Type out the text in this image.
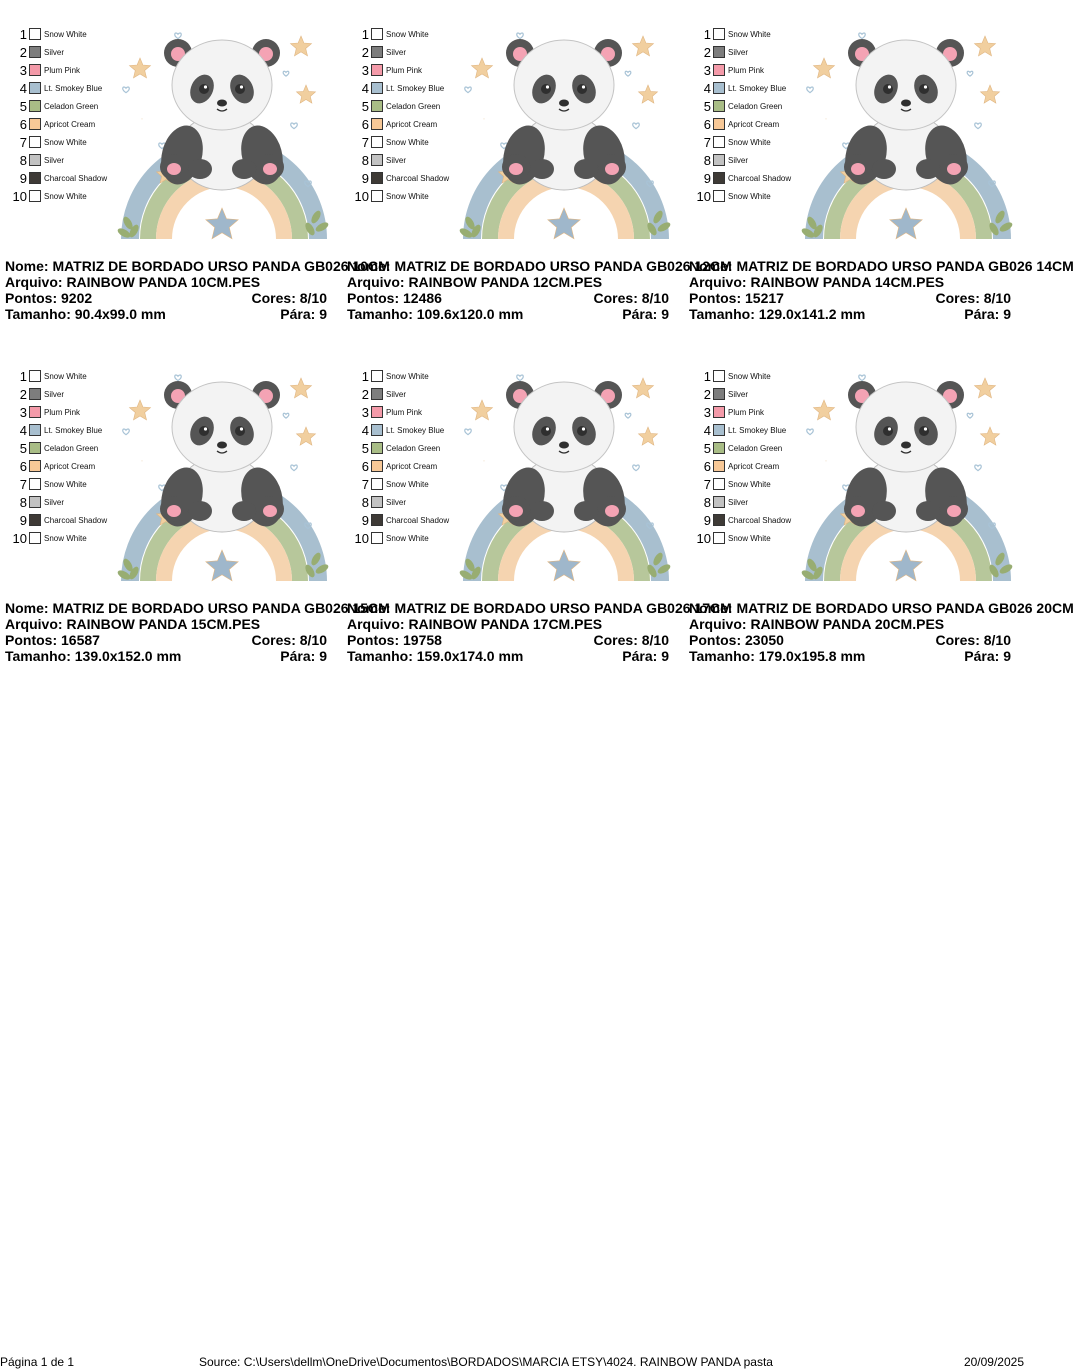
1 Snow White
2 Silver
3 Plum Pink
4 Lt. Smokey Blue
5 Celadon Green
6 Apricot Cream
7 Snow White
8 Silver
9 Charcoal Shadow
10 Snow White
Nome: MATRIZ DE BORDADO URSO PANDA GB026 10CM
Arquivo: RAINBOW PANDA 10CM.PES
Pontos: 9202	Cores: 8/10
Tamanho: 90.4x99.0 mm	Pára: 9
1 Snow White
2 Silver
3 Plum Pink
4 Lt. Smokey Blue
5 Celadon Green
6 Apricot Cream
7 Snow White
8 Silver
9 Charcoal Shadow
10 Snow White
Nome: MATRIZ DE BORDADO URSO PANDA GB026 12CM
Arquivo: RAINBOW PANDA 12CM.PES
Pontos: 12486	Cores: 8/10
Tamanho: 109.6x120.0 mm	Pára: 9
1 Snow White
2 Silver
3 Plum Pink
4 Lt. Smokey Blue
5 Celadon Green
6 Apricot Cream
7 Snow White
8 Silver
9 Charcoal Shadow
10 Snow White
Nome: MATRIZ DE BORDADO URSO PANDA GB026 14CM
Arquivo: RAINBOW PANDA 14CM.PES
Pontos: 15217	Cores: 8/10
Tamanho: 129.0x141.2 mm	Pára: 9
1 Snow White
2 Silver
3 Plum Pink
4 Lt. Smokey Blue
5 Celadon Green
6 Apricot Cream
7 Snow White
8 Silver
9 Charcoal Shadow
10 Snow White
Nome: MATRIZ DE BORDADO URSO PANDA GB026 15CM
Arquivo: RAINBOW PANDA 15CM.PES
Pontos: 16587	Cores: 8/10
Tamanho: 139.0x152.0 mm	Pára: 9
1 Snow White
2 Silver
3 Plum Pink
4 Lt. Smokey Blue
5 Celadon Green
6 Apricot Cream
7 Snow White
8 Silver
9 Charcoal Shadow
10 Snow White
Nome: MATRIZ DE BORDADO URSO PANDA GB026 17CM
Arquivo: RAINBOW PANDA 17CM.PES
Pontos: 19758	Cores: 8/10
Tamanho: 159.0x174.0 mm	Pára: 9
1 Snow White
2 Silver
3 Plum Pink
4 Lt. Smokey Blue
5 Celadon Green
6 Apricot Cream
7 Snow White
8 Silver
9 Charcoal Shadow
10 Snow White
Nome: MATRIZ DE BORDADO URSO PANDA GB026 20CM
Arquivo: RAINBOW PANDA 20CM.PES
Pontos: 23050	Cores: 8/10
Tamanho: 179.0x195.8 mm	Pára: 9
Página 1 de 1	Source: C:\Users\dellm\OneDrive\Documentos\BORDADOS\MARCIA ETSY\4024. RAINBOW PANDA pasta	20/09/2025
